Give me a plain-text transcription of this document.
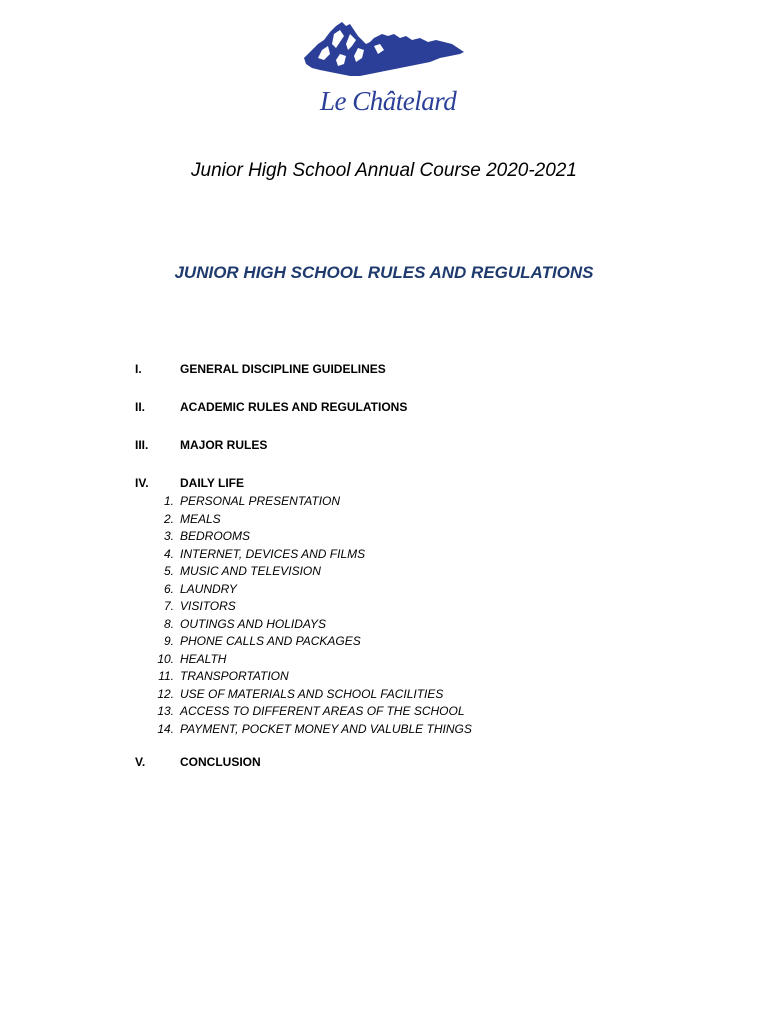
Le Châtelard
Junior High School Annual Course 2020-2021
JUNIOR HIGH SCHOOL RULES AND REGULATIONS
I.	GENERAL DISCIPLINE GUIDELINES
II.	ACADEMIC RULES AND REGULATIONS
III.	MAJOR RULES
IV.	DAILY LIFE
1. PERSONAL PRESENTATION
2. MEALS
3. BEDROOMS
4. INTERNET, DEVICES AND FILMS
5. MUSIC AND TELEVISION
6. LAUNDRY
7. VISITORS
8. OUTINGS AND HOLIDAYS
9. PHONE CALLS AND PACKAGES
10. HEALTH
11. TRANSPORTATION
12. USE OF MATERIALS AND SCHOOL FACILITIES
13. ACCESS TO DIFFERENT AREAS OF THE SCHOOL
14. PAYMENT, POCKET MONEY AND VALUBLE THINGS
V.	CONCLUSION
